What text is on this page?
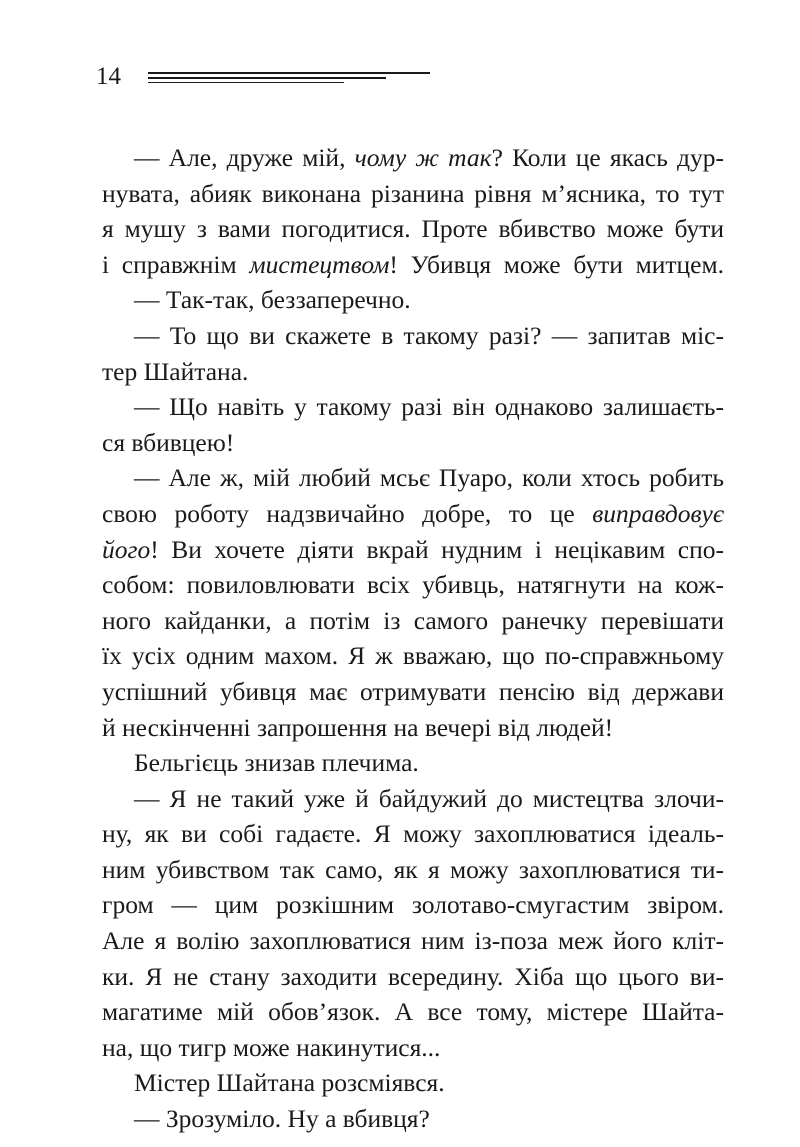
14
— Але, друже мій, чому ж так? Коли це якась дур-
нувата, абияк виконана різанина рівня м’ясника, то тут
я мушу з вами погодитися. Проте вбивство може бути
і справжнім мистецтвом! Убивця може бути митцем.
— Так-так, беззаперечно.
— То що ви скажете в такому разі? — запитав міс-
тер Шайтана.
— Що навіть у такому разі він однаково залишаєть-
ся вбивцею!
— Але ж, мій любий мсьє Пуаро, коли хтось робить
свою роботу надзвичайно добре, то це виправдовує
його! Ви хочете діяти вкрай нудним і нецікавим спо-
собом: повиловлювати всіх убивць, натягнути на кож-
ного кайданки, а потім із самого ранечку перевішати
їх усіх одним махом. Я ж вважаю, що по-справжньому
успішний убивця має отримувати пенсію від держави
й нескінченні запрошення на вечері від людей!
Бельгієць знизав плечима.
— Я не такий уже й байдужий до мистецтва злочи-
ну, як ви собі гадаєте. Я можу захоплюватися ідеаль-
ним убивством так само, як я можу захоплюватися ти-
гром — цим розкішним золотаво-смугастим звіром.
Але я волію захоплюватися ним із-поза меж його кліт-
ки. Я не стану заходити всередину. Хіба що цього ви-
магатиме мій обов’язок. А все тому, містере Шайта-
на, що тигр може накинутися...
Містер Шайтана розсміявся.
— Зрозуміло. Ну а вбивця?
